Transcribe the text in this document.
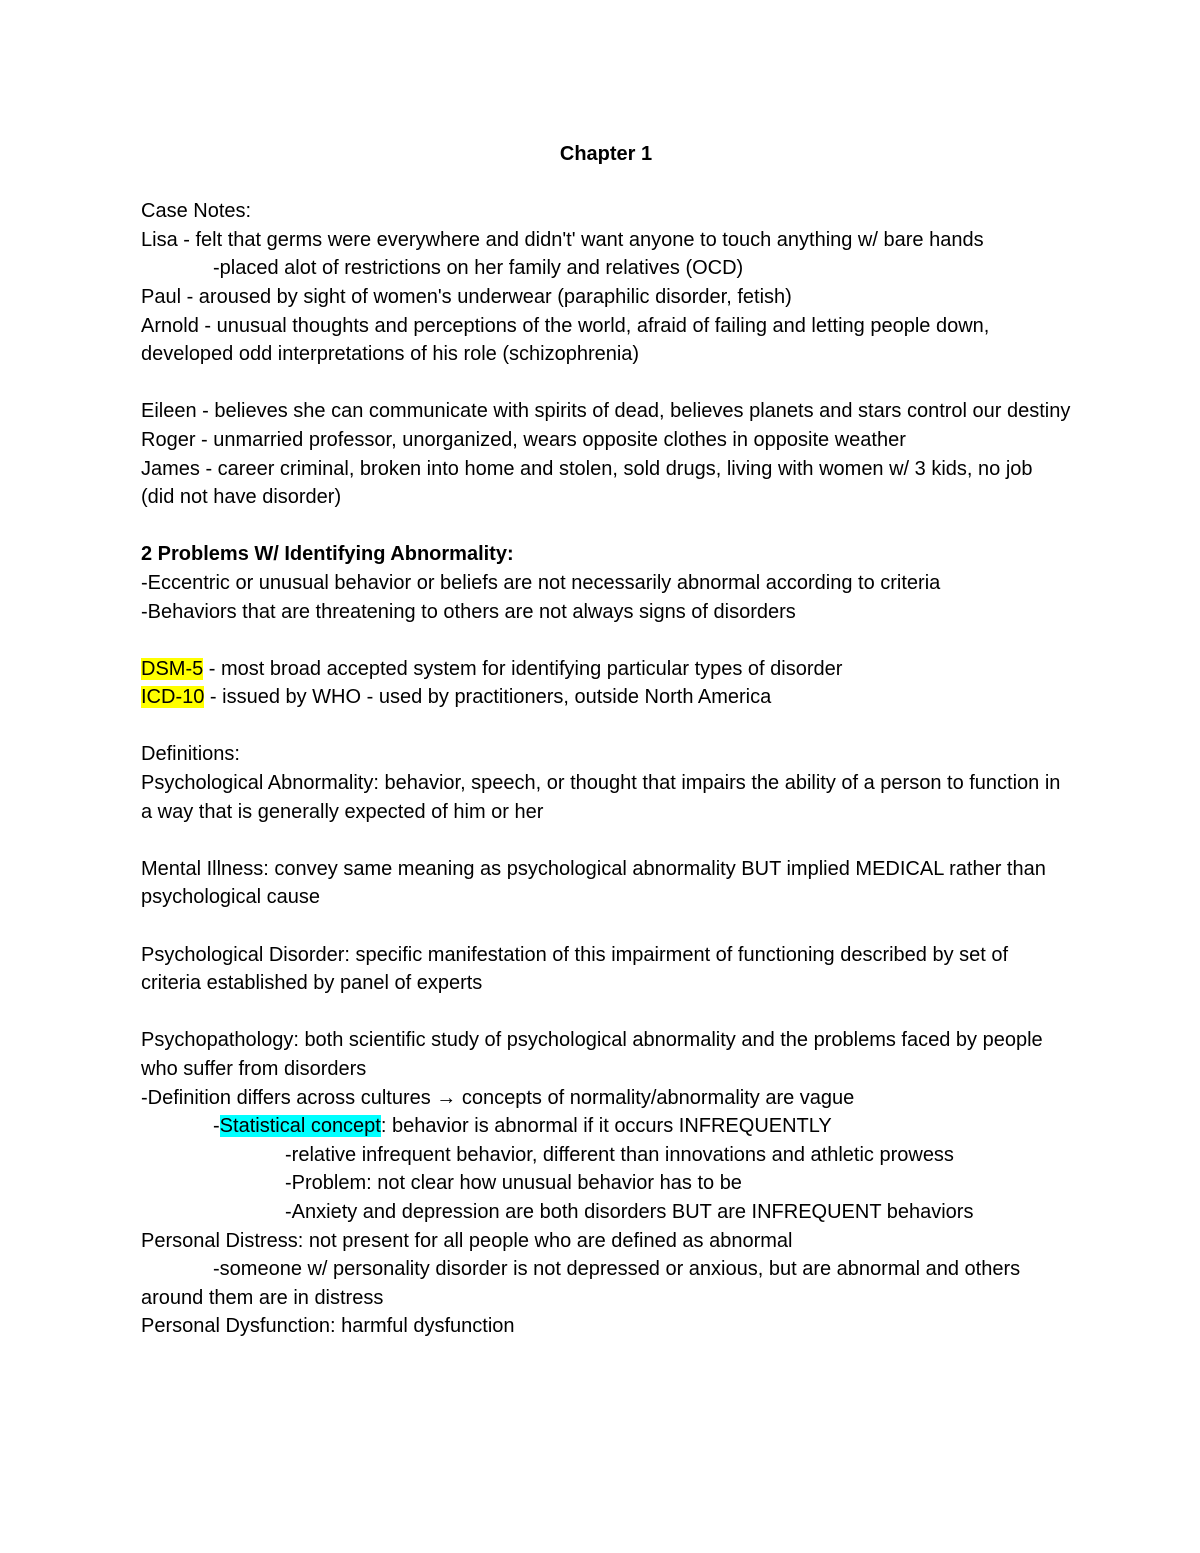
Chapter 1

Case Notes:

Lisa - felt that germs were everywhere and didn't' want anyone to touch anything w/ bare hands

-placed alot of restrictions on her family and relatives (OCD)

Paul - aroused by sight of women's underwear (paraphilic disorder, fetish)

Arnold - unusual thoughts and perceptions of the world, afraid of failing and letting people down, developed odd interpretations of his role (schizophrenia)

Eileen - believes she can communicate with spirits of dead, believes planets and stars control our destiny

Roger - unmarried professor, unorganized, wears opposite clothes in opposite weather

James - career criminal, broken into home and stolen, sold drugs, living with women w/ 3 kids, no job (did not have disorder)

2 Problems W/ Identifying Abnormality:

-Eccentric or unusual behavior or beliefs are not necessarily abnormal according to criteria

-Behaviors that are threatening to others are not always signs of disorders

DSM-5 - most broad accepted system for identifying particular types of disorder

ICD-10 - issued by WHO - used by practitioners, outside North America

Definitions:

Psychological Abnormality: behavior, speech, or thought that impairs the ability of a person to function in a way that is generally expected of him or her

Mental Illness: convey same meaning as psychological abnormality BUT implied MEDICAL rather than psychological cause

Psychological Disorder: specific manifestation of this impairment of functioning described by set of criteria established by panel of experts

Psychopathology: both scientific study of psychological abnormality and the problems faced by people who suffer from disorders

-Definition differs across cultures → concepts of normality/abnormality are vague

-Statistical concept: behavior is abnormal if it occurs INFREQUENTLY

-relative infrequent behavior, different than innovations and athletic prowess

-Problem: not clear how unusual behavior has to be

-Anxiety and depression are both disorders BUT are INFREQUENT behaviors

Personal Distress: not present for all people who are defined as abnormal

-someone w/ personality disorder is not depressed or anxious, but are abnormal and others around them are in distress

Personal Dysfunction: harmful dysfunction
